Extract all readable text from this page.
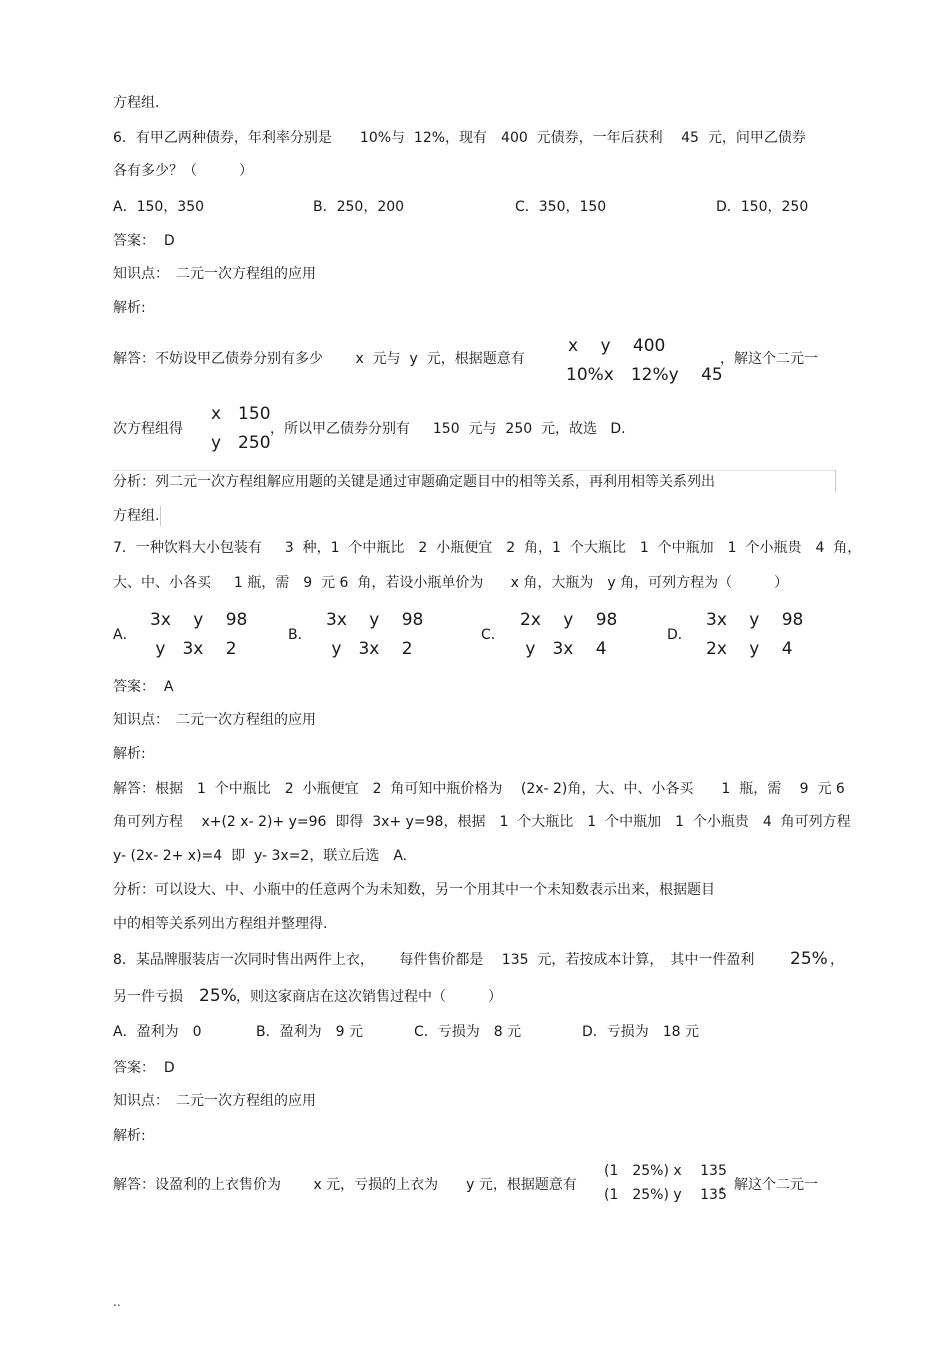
方程组.
6．有甲乙两种债券，年利率分别是　　10%与  12%，现有　400  元债券，一年后获利　 45  元，问甲乙债券
各有多少？（　　　）
A．150，350	B．250，200	C．350，150	D．150，250
答案：  D
知识点：　二元一次方程组的应用
解析:
解答：不妨设甲乙债券分别有多少　　 x  元与  y  元，根据题意有
x　 y　 400
10%x　12%y　 45
，解这个二元一
次方程组得
x　150
y　250
，所以甲乙债券分别有　  150  元与  250  元，故选   D.
分析：列二元一次方程组解应用题的关键是通过审题确定题目中的相等关系，再利用相等关系列出
方程组.
7．一种饮料大小包装有　  3  种，1  个中瓶比　2  小瓶便宜　2  角，1  个大瓶比　1  个中瓶加　1  个小瓶贵　4  角，
大、中、小各买　  1 瓶，需　9  元 6  角，若设小瓶单价为　   x 角，大瓶为　y 角，可列方程为（　　　）
A．
3x　 y　 98
y　3x　 2
B．
3x　 y　 98
y　3x　 2
C．
2x　 y　 98
y　3x　 4
D．
3x　 y　 98
2x　 y　 4
答案：  A
知识点：　二元一次方程组的应用
解析:
解答：根据　1  个中瓶比　2  小瓶便宜　2  角可知中瓶价格为　 (2x- 2)角，大、中、小各买　　1  瓶，需　 9  元 6
角可列方程　 x+(2 x- 2)+ y=96  即得  3x+ y=98，根据　1  个大瓶比　1  个中瓶加　1  个小瓶贵　4  角可列方程
y- (2x- 2+ x)=4  即  y- 3x=2，联立后选　A.
分析：可以设大、中、小瓶中的任意两个为未知数，另一个用其中一个未知数表示出来，根据题目
中的相等关系列出方程组并整理得.
8．某品牌服装店一次同时售出两件上衣，　　 每件售价都是　 135  元，若按成本计算，　其中一件盈利 25% ，
另一件亏损 25% ，则这家商店在这次销售过程中（　　　）
A．盈利为　0	B．盈利为　9 元	C．亏损为　8 元	D．亏损为　18 元
答案：  D
知识点：　二元一次方程组的应用
解析:
解答：设盈利的上衣售价为　　 x 元，亏损的上衣为　　y 元，根据题意有
(1　25%) x　 135
(1　25%) y　 135
，解这个二元一
..
